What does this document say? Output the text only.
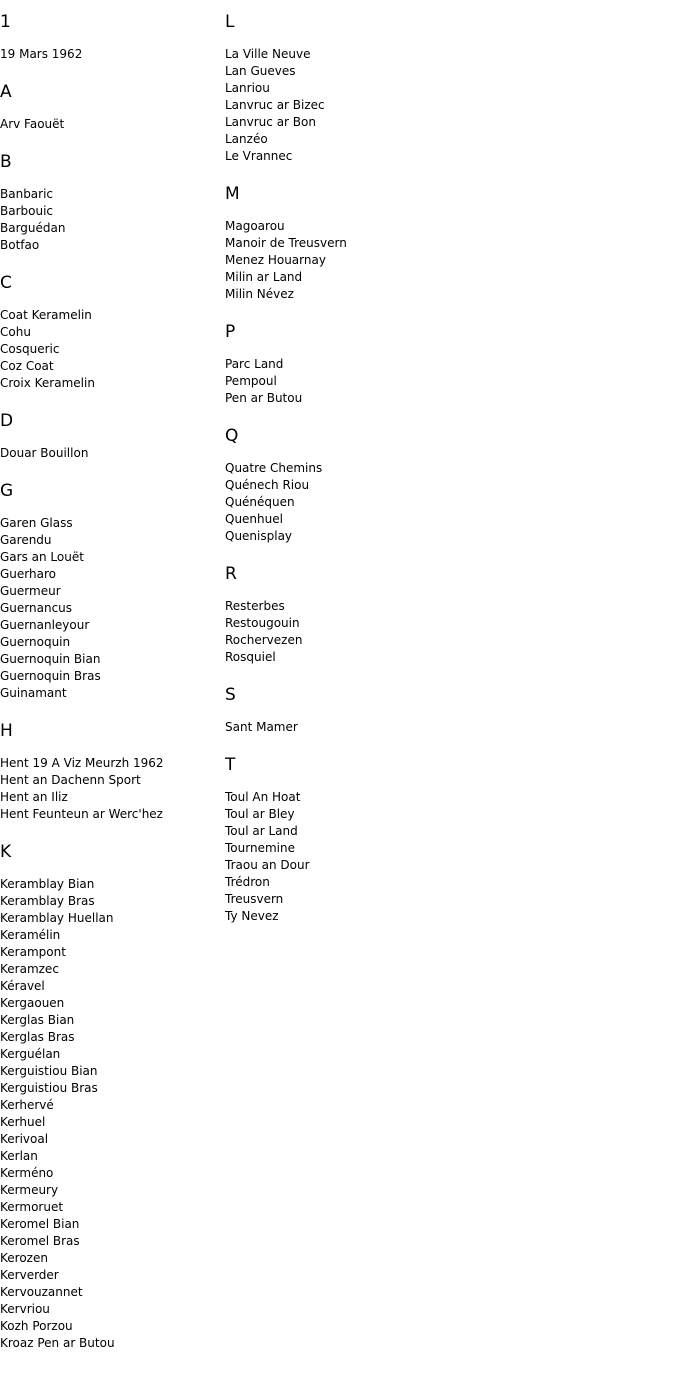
1
19 Mars 1962
A
Arv Faouët
B
Banbaric
Barbouic
Barguédan
Botfao
C
Coat Keramelin
Cohu
Cosqueric
Coz Coat
Croix Keramelin
D
Douar Bouillon
G
Garen Glass
Garendu
Gars an Louët
Guerharo
Guermeur
Guernancus
Guernanleyour
Guernoquin
Guernoquin Bian
Guernoquin Bras
Guinamant
H
Hent 19 A Viz Meurzh 1962
Hent an Dachenn Sport
Hent an Iliz
Hent Feunteun ar Werc'hez
K
Keramblay Bian
Keramblay Bras
Keramblay Huellan
Keramélin
Kerampont
Keramzec
Kéravel
Kergaouen
Kerglas Bian
Kerglas Bras
Kerguélan
Kerguistiou Bian
Kerguistiou Bras
Kerhervé
Kerhuel
Kerivoal
Kerlan
Kerméno
Kermeury
Kermoruet
Keromel Bian
Keromel Bras
Kerozen
Kerverder
Kervouzannet
Kervriou
Kozh Porzou
Kroaz Pen ar Butou
L
La Ville Neuve
Lan Gueves
Lanriou
Lanvruc ar Bizec
Lanvruc ar Bon
Lanzéo
Le Vrannec
M
Magoarou
Manoir de Treusvern
Menez Houarnay
Milin ar Land
Milin Névez
P
Parc Land
Pempoul
Pen ar Butou
Q
Quatre Chemins
Quénech Riou
Quénéquen
Quenhuel
Quenisplay
R
Resterbes
Restougouin
Rochervezen
Rosquiel
S
Sant Mamer
T
Toul An Hoat
Toul ar Bley
Toul ar Land
Tournemine
Traou an Dour
Trédron
Treusvern
Ty Nevez
